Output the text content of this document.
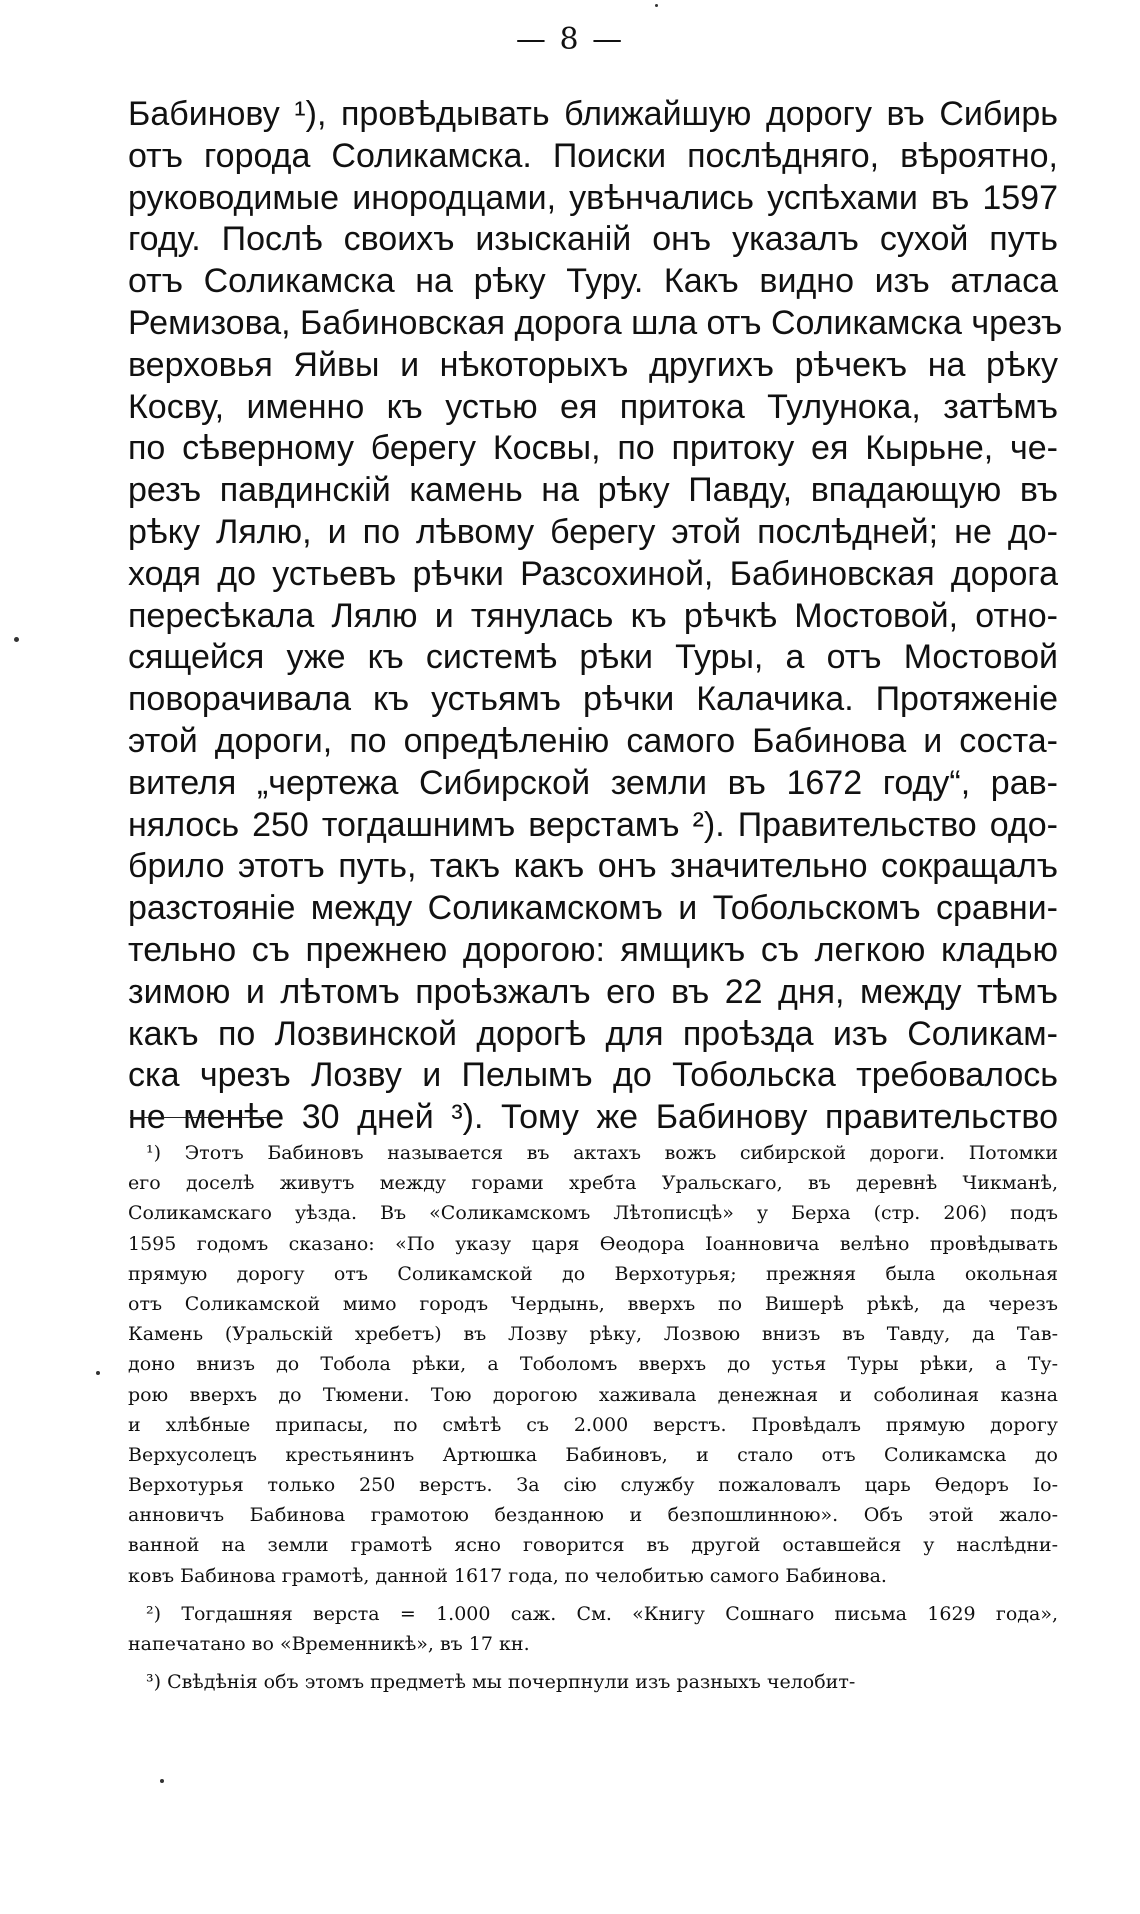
— 8 —
Бабинову ¹), провѣдывать ближайшую дорогу въ Сибирь
отъ города Соликамска. Поиски послѣдняго, вѣроятно,
руководимые инородцами, увѣнчались успѣхами въ 1597
году. Послѣ своихъ изысканій онъ указалъ сухой путь
отъ Соликамска на рѣку Туру. Какъ видно изъ атласа
Ремизова, Бабиновская дорога шла отъ Соликамска чрезъ
верховья Яйвы и нѣкоторыхъ другихъ рѣчекъ на рѣку
Косву, именно къ устью ея притока Тулунока, затѣмъ
по сѣверному берегу Косвы, по притоку ея Кырьне, че-
резъ павдинскій камень на рѣку Павду, впадающую въ
рѣку Лялю, и по лѣвому берегу этой послѣдней; не до-
ходя до устьевъ рѣчки Разсохиной, Бабиновская дорога
пересѣкала Лялю и тянулась къ рѣчкѣ Мостовой, отно-
сящейся уже къ системѣ рѣки Туры, а отъ Мостовой
поворачивала къ устьямъ рѣчки Калачика. Протяженіе
этой дороги, по опредѣленію самого Бабинова и соста-
вителя „чертежа Сибирской земли въ 1672 году“, рав-
нялось 250 тогдашнимъ верстамъ ²). Правительство одо-
брило этотъ путь, такъ какъ онъ значительно сокращалъ
разстояніе между Соликамскомъ и Тобольскомъ сравни-
тельно съ прежнею дорогою: ямщикъ съ легкою кладью
зимою и лѣтомъ проѣзжалъ его въ 22 дня, между тѣмъ
какъ по Лозвинской дорогѣ для проѣзда изъ Соликам-
ска чрезъ Лозву и Пелымъ до Тобольска требовалось
не менѣе 30 дней ³). Тому же Бабинову правительство
¹) Этотъ Бабиновъ называется въ актахъ вожъ сибирской дороги. Потомки
его доселѣ живутъ между горами хребта Уральскаго, въ деревнѣ Чикманѣ,
Соликамскаго уѣзда. Въ «Соликамскомъ Лѣтописцѣ» у Берха (стр. 206) подъ
1595 годомъ сказано: «По указу царя Ѳеодора Іоанновича велѣно провѣдывать
прямую дорогу отъ Соликамской до Верхотурья; прежняя была окольная
отъ Соликамской мимо городъ Чердынь, вверхъ по Вишерѣ рѣкѣ, да черезъ
Камень (Уральскій хребетъ) въ Лозву рѣку, Лозвою внизъ въ Тавду, да Тав-
доно внизъ до Тобола рѣки, а Тоболомъ вверхъ до устья Туры рѣки, а Ту-
рою вверхъ до Тюмени. Тою дорогою хаживала денежная и соболиная казна
и хлѣбные припасы, по смѣтѣ съ 2.000 верстъ. Провѣдалъ прямую дорогу
Верхусолецъ крестьянинъ Артюшка Бабиновъ, и стало отъ Соликамска до
Верхотурья только 250 верстъ. За сію службу пожаловалъ царь Ѳедоръ Іо-
анновичъ Бабинова грамотою безданною и безпошлинною». Объ этой жало-
ванной на земли грамотѣ ясно говорится въ другой оставшейся у наслѣдни-
ковъ Бабинова грамотѣ, данной 1617 года, по челобитью самого Бабинова.
²) Тогдашняя верста = 1.000 саж. См. «Книгу Сошнаго письма 1629 года»,
напечатано во «Временникѣ», въ 17 кн.
³) Свѣдѣнія объ этомъ предметѣ мы почерпнули изъ разныхъ челобит-
